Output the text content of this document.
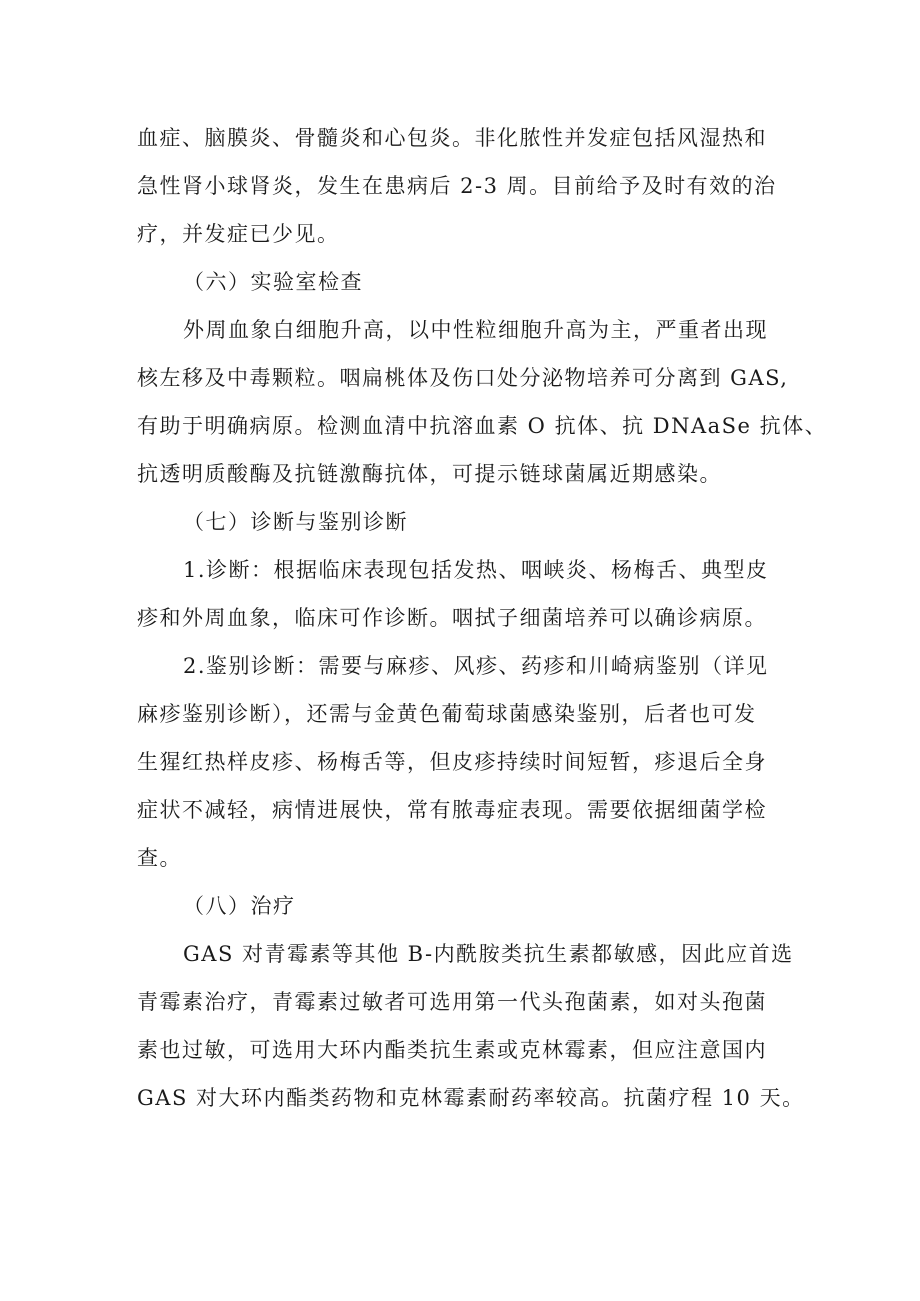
血症、脑膜炎、骨髓炎和心包炎。非化脓性并发症包括风湿热和
急性肾小球肾炎，发生在患病后 2-3 周。目前给予及时有效的治
疗，并发症已少见。
（六）实验室检查
外周血象白细胞升高，以中性粒细胞升高为主，严重者出现
核左移及中毒颗粒。咽扁桃体及伤口处分泌物培养可分离到 GAS,
有助于明确病原。检测血清中抗溶血素 O 抗体、抗 DNAaSe 抗体、
抗透明质酸酶及抗链激酶抗体，可提示链球菌属近期感染。
（七）诊断与鉴别诊断
1.诊断：根据临床表现包括发热、咽峡炎、杨梅舌、典型皮
疹和外周血象，临床可作诊断。咽拭子细菌培养可以确诊病原。
2.鉴别诊断：需要与麻疹、风疹、药疹和川崎病鉴别（详见
麻疹鉴别诊断），还需与金黄色葡萄球菌感染鉴别，后者也可发
生猩红热样皮疹、杨梅舌等，但皮疹持续时间短暂，疹退后全身
症状不减轻，病情进展快，常有脓毒症表现。需要依据细菌学检
查。
（八）治疗
GAS 对青霉素等其他 B-内酰胺类抗生素都敏感，因此应首选
青霉素治疗，青霉素过敏者可选用第一代头孢菌素，如对头孢菌
素也过敏，可选用大环内酯类抗生素或克林霉素，但应注意国内
GAS 对大环内酯类药物和克林霉素耐药率较高。抗菌疗程 10 天。
